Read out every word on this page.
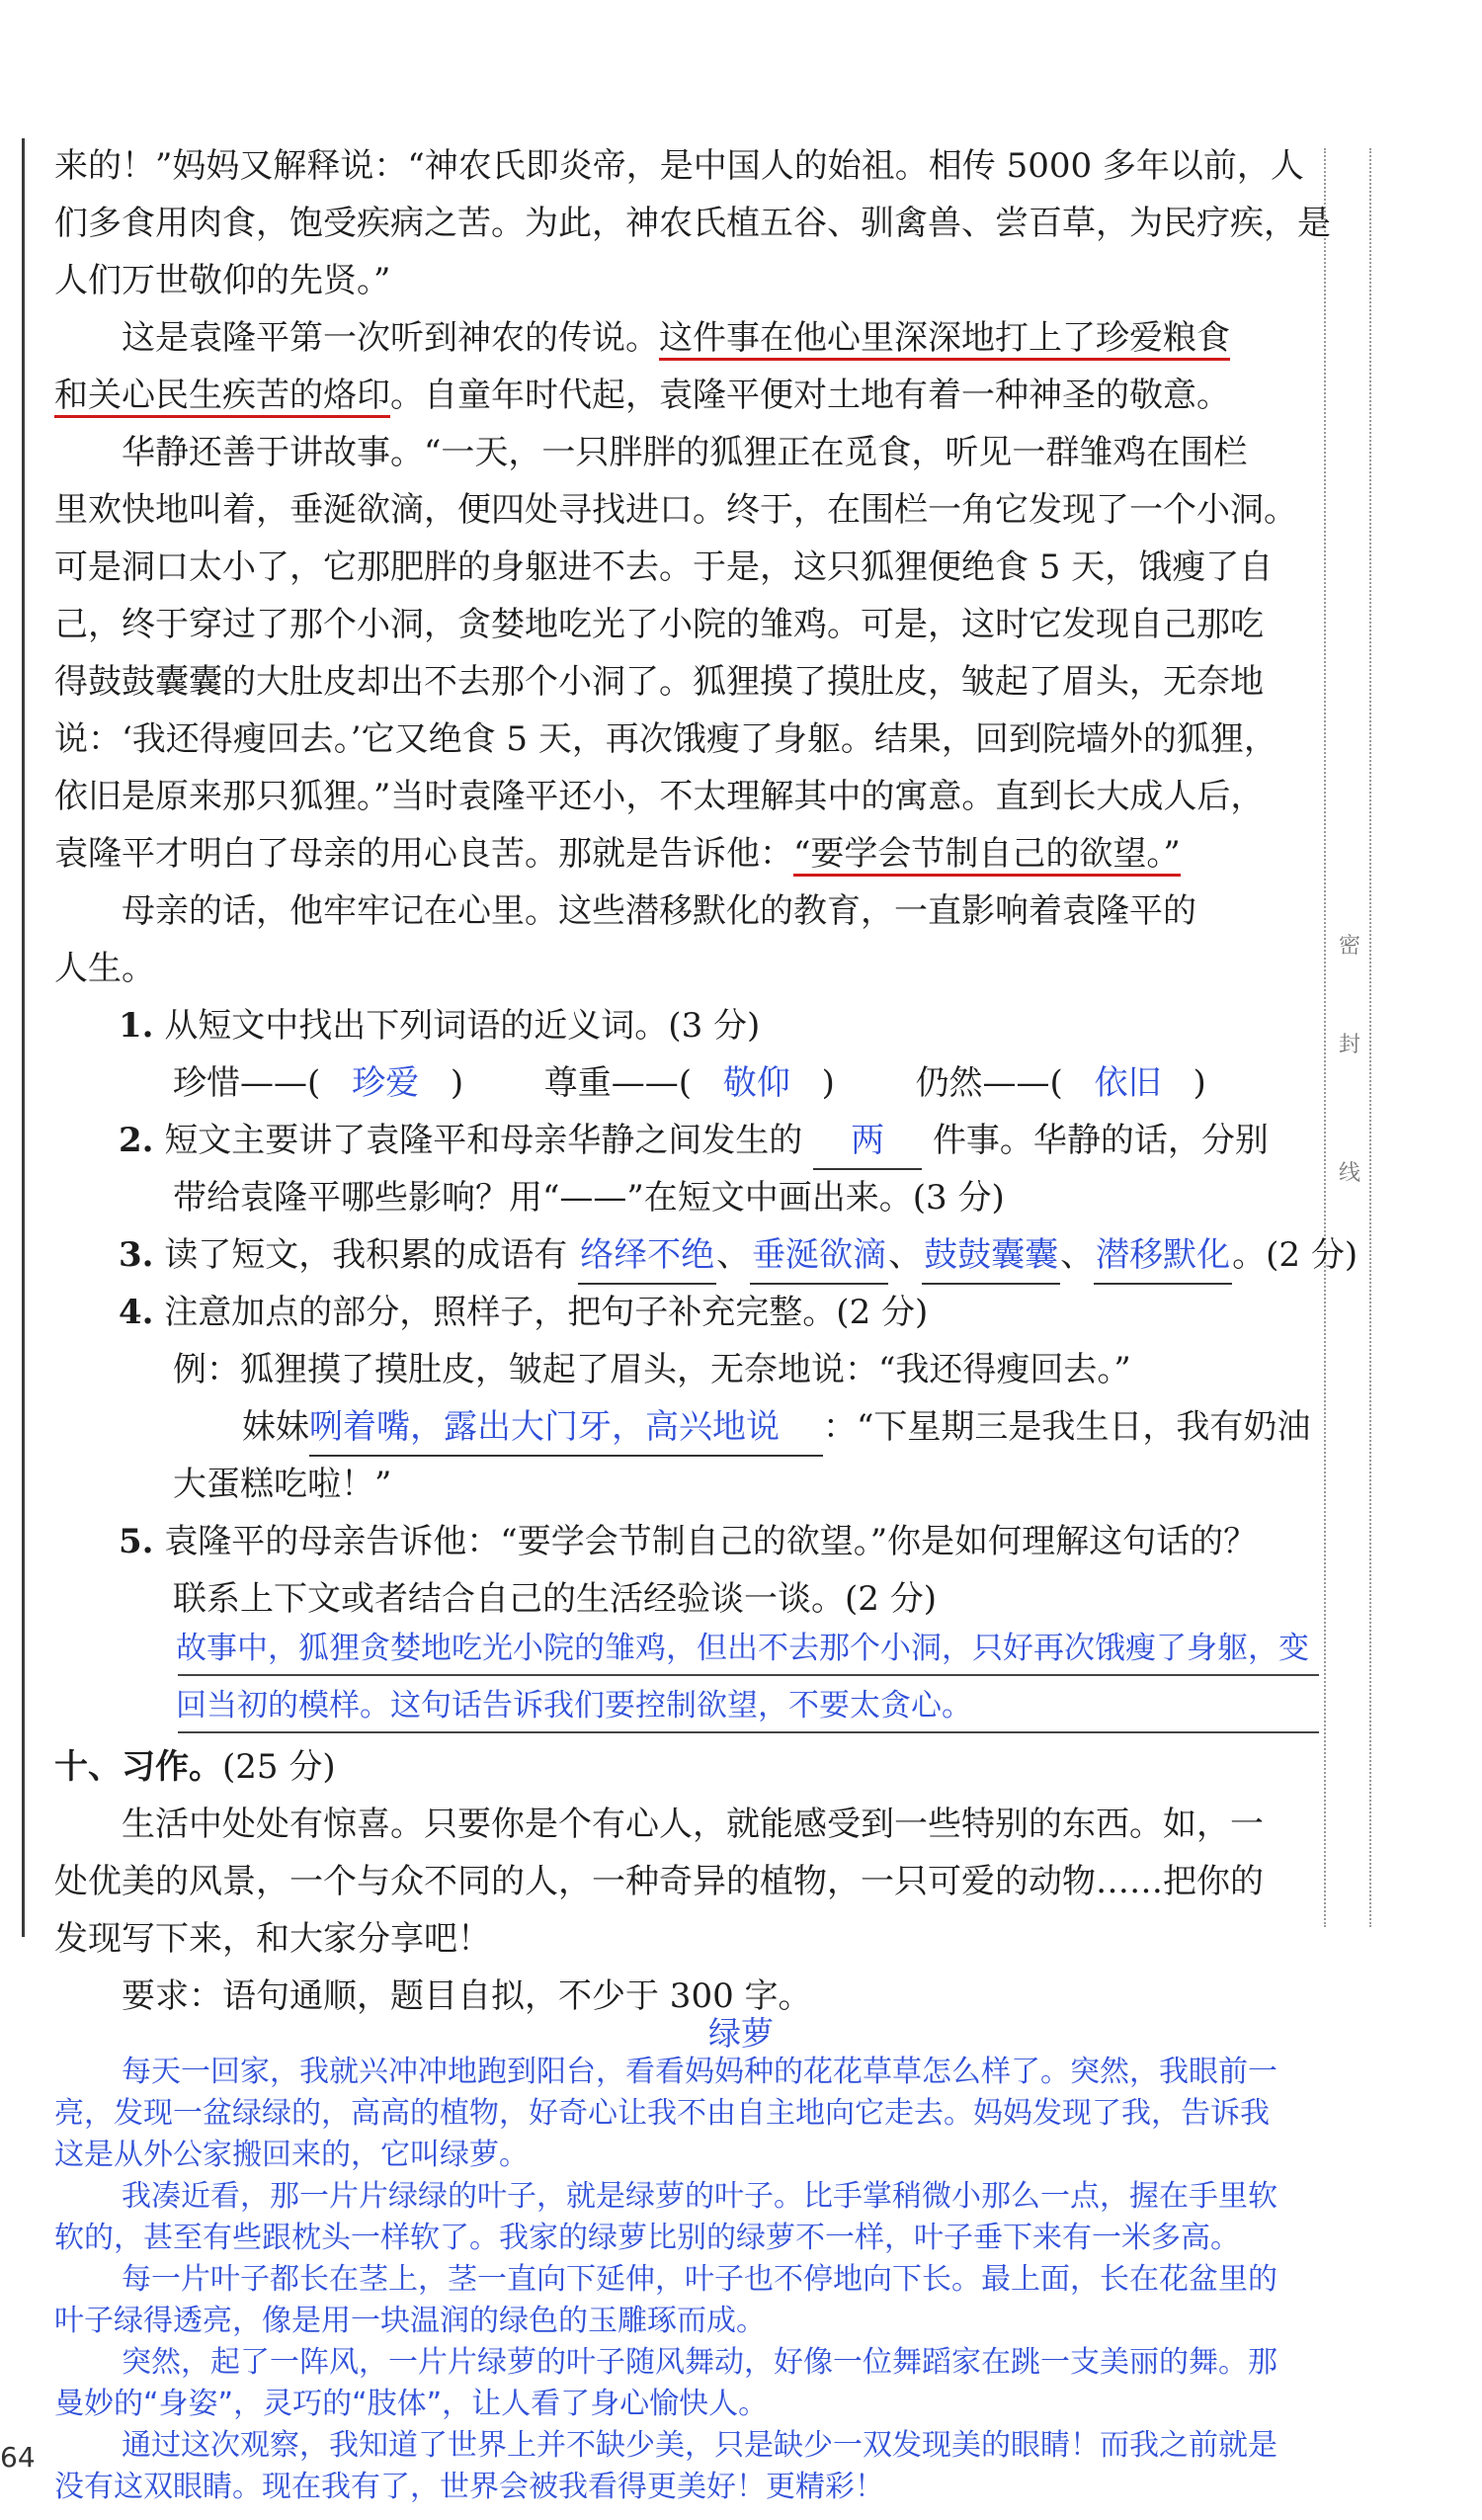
密
封
线
来的！”妈妈又解释说：“神农氏即炎帝，是中国人的始祖。相传 5000 多年以前，人
们多食用肉食，饱受疾病之苦。为此，神农氏植五谷、驯禽兽、尝百草，为民疗疾，是
人们万世敬仰的先贤。”
这是袁隆平第一次听到神农的传说。这件事在他心里深深地打上了珍爱粮食
和关心民生疾苦的烙印。自童年时代起，袁隆平便对土地有着一种神圣的敬意。
华静还善于讲故事。“一天，一只胖胖的狐狸正在觅食，听见一群雏鸡在围栏
里欢快地叫着，垂涎欲滴，便四处寻找进口。终于，在围栏一角它发现了一个小洞。
可是洞口太小了，它那肥胖的身躯进不去。于是，这只狐狸便绝食 5 天，饿瘦了自
己，终于穿过了那个小洞，贪婪地吃光了小院的雏鸡。可是，这时它发现自己那吃
得鼓鼓囊囊的大肚皮却出不去那个小洞了。狐狸摸了摸肚皮，皱起了眉头，无奈地
说：‘我还得瘦回去。’它又绝食 5 天，再次饿瘦了身躯。结果，回到院墙外的狐狸，
依旧是原来那只狐狸。”当时袁隆平还小，不太理解其中的寓意。直到长大成人后，
袁隆平才明白了母亲的用心良苦。那就是告诉他：“要学会节制自己的欲望。”
母亲的话，他牢牢记在心里。这些潜移默化的教育，一直影响着袁隆平的
人生。
1. 从短文中找出下列词语的近义词。(3 分)
珍惜——( 珍爱 ) 尊重——( 敬仰 ) 仍然——( 依旧 )
2. 短文主要讲了袁隆平和母亲华静之间发生的 两 件事。华静的话，分别
带给袁隆平哪些影响？用“——”在短文中画出来。(3 分)
3. 读了短文，我积累的成语有 络绎不绝、垂涎欲滴、鼓鼓囊囊、潜移默化。(2 分)
4. 注意加点的部分，照样子，把句子补充完整。(2 分)
例：狐狸摸了摸肚皮，皱起了眉头，无奈地说：“我还得瘦回去。”
妹妹咧着嘴，露出大门牙，高兴地说 ：“下星期三是我生日，我有奶油
大蛋糕吃啦！”
5. 袁隆平的母亲告诉他：“要学会节制自己的欲望。”你是如何理解这句话的？
联系上下文或者结合自己的生活经验谈一谈。(2 分)
故事中，狐狸贪婪地吃光小院的雏鸡，但出不去那个小洞，只好再次饿瘦了身躯，变
回当初的模样。这句话告诉我们要控制欲望，不要太贪心。
十、习作。(25 分)
生活中处处有惊喜。只要你是个有心人，就能感受到一些特别的东西。如，一
处优美的风景，一个与众不同的人，一种奇异的植物，一只可爱的动物……把你的
发现写下来，和大家分享吧！
要求：语句通顺，题目自拟，不少于 300 字。
绿萝
64
每天一回家，我就兴冲冲地跑到阳台，看看妈妈种的花花草草怎么样了。突然，我眼前一
亮，发现一盆绿绿的，高高的植物，好奇心让我不由自主地向它走去。妈妈发现了我，告诉我
这是从外公家搬回来的，它叫绿萝。
我凑近看，那一片片绿绿的叶子，就是绿萝的叶子。比手掌稍微小那么一点，握在手里软
软的，甚至有些跟枕头一样软了。我家的绿萝比别的绿萝不一样，叶子垂下来有一米多高。
每一片叶子都长在茎上，茎一直向下延伸，叶子也不停地向下长。最上面，长在花盆里的
叶子绿得透亮，像是用一块温润的绿色的玉雕琢而成。
突然，起了一阵风，一片片绿萝的叶子随风舞动，好像一位舞蹈家在跳一支美丽的舞。那
曼妙的“身姿”，灵巧的“肢体”，让人看了身心愉快人。
通过这次观察，我知道了世界上并不缺少美，只是缺少一双发现美的眼睛！而我之前就是
没有这双眼睛。现在我有了，世界会被我看得更美好！更精彩！
